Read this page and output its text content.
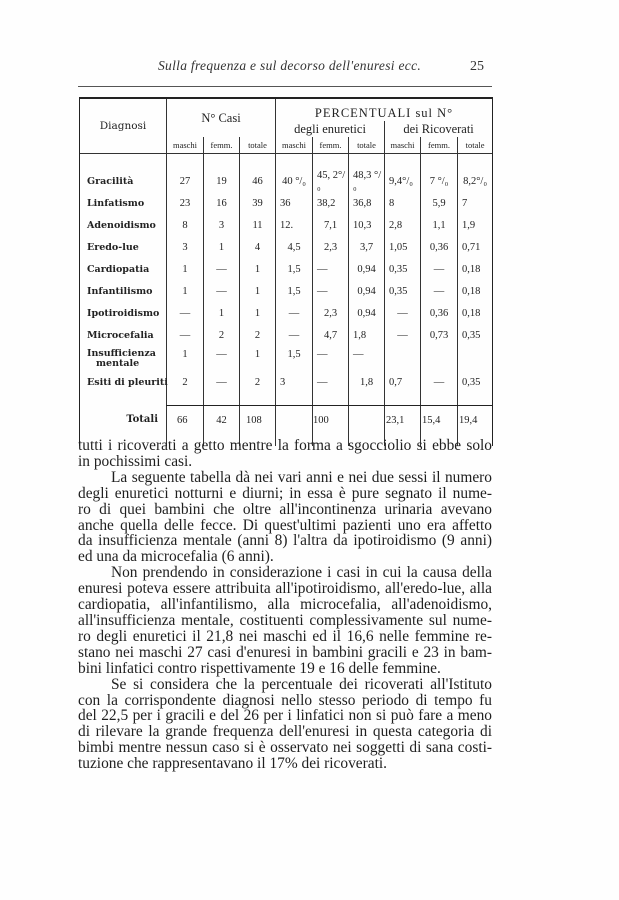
Sulla frequenza e sul decorso dell'enuresi ecc.	25
Diagnosi	N° Casi			PERCENTUALI sul N°					
				degli enuretici			dei Ricoverati		
	maschi	femm.	totale	maschi	femm.	totale	maschi	femm.	totale

Gracilità	27	19	46	40 °/₀	45, 2°/₀	48,3 °/₀	9,4°/₀	7 °/₀	8,2°/₀
Linfatismo	23	16	39	36	38,2	36,8	8	5,9	7
Adenoidismo	8	3	11	12.	7,1	10,3	2,8	1,1	1,9
Eredo-lue	3	1	4	4,5	2,3	3,7	1,05	0,36	0,71
Cardiopatia	1	—	1	1,5	—	0,94	0,35	—	0,18
Infantilismo	1	—	1	1,5	—	0,94	0,35	—	0,18
Ipotiroidismo	—	1	1	—	2,3	0,94	—	0,36	0,18
Microcefalia	—	2	2	—	4,7	1,8	—	0,73	0,35
Insufficienza
mentale	1	—	1	1,5	—	—			
Esiti di pleuriti	2	—	2	3	—	1,8	0,7	—	0,35

Totali	66	42	108		100		23,1	15,4	19,4

tutti i ricoverati a getto mentre la forma a sgocciolio si ebbe solo
in pochissimi casi.

La seguente tabella dà nei vari anni e nei due sessi il numero
degli enuretici notturni e diurni; in essa è pure segnato il nume-
ro di quei bambini che oltre all'incontinenza urinaria avevano
anche quella delle fecce. Di quest'ultimi pazienti uno era affetto
da insufficienza mentale (anni 8) l'altra da ipotiroidismo (9 anni)
ed una da microcefalia (6 anni).

Non prendendo in considerazione i casi in cui la causa della
enuresi poteva essere attribuita all'ipotiroidismo, all'eredo-lue, alla
cardiopatia, all'infantilismo, alla microcefalia, all'adenoidismo,
all'insufficienza mentale, costituenti complessivamente sul nume-
ro degli enuretici il 21,8 nei maschi ed il 16,6 nelle femmine re-
stano nei maschi 27 casi d'enuresi in bambini gracili e 23 in bam-
bini linfatici contro rispettivamente 19 e 16 delle femmine.

Se si considera che la percentuale dei ricoverati all'Istituto
con la corrispondente diagnosi nello stesso periodo di tempo fu
del 22,5 per i gracili e del 26 per i linfatici non si può fare a meno
di rilevare la grande frequenza dell'enuresi in questa categoria di
bimbi mentre nessun caso si è osservato nei soggetti di sana costi-
tuzione che rappresentavano il 17% dei ricoverati.
